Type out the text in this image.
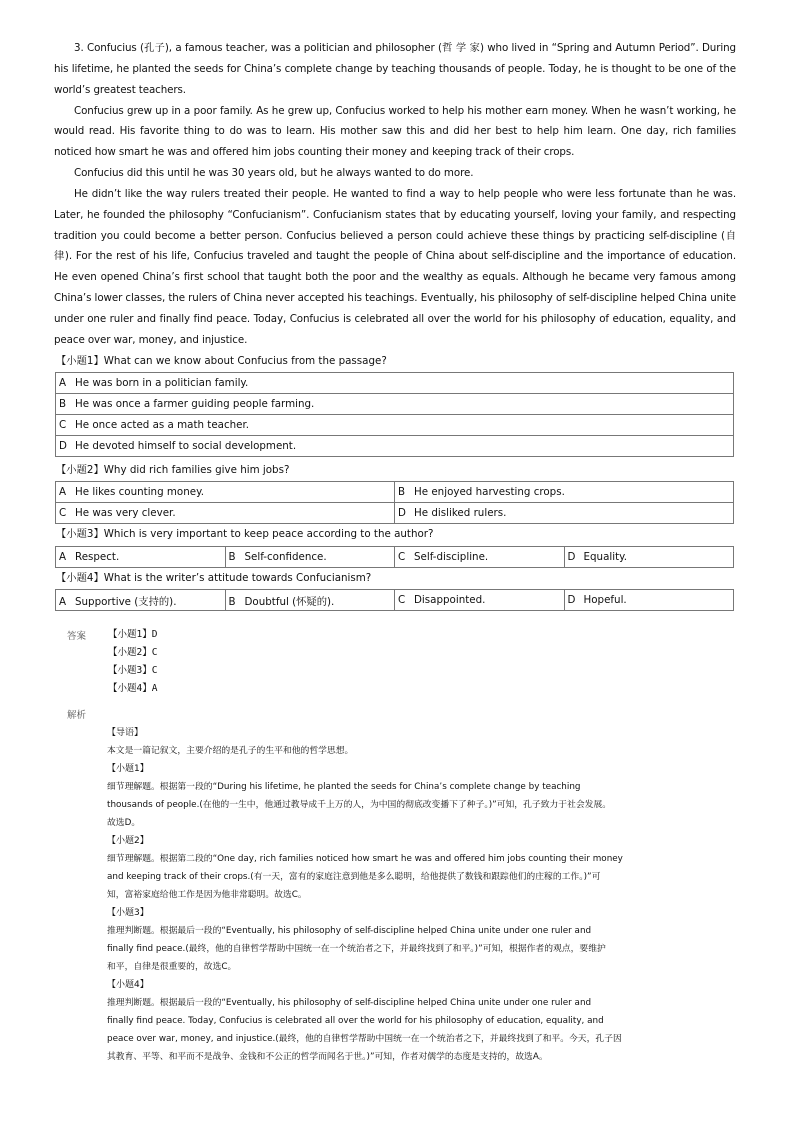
3. Confucius (孔子), a famous teacher, was a politician and philosopher (哲 学 家) who lived in “Spring and Autumn Period”. During his lifetime, he planted the seeds for China’s complete change by teaching thousands of people. Today, he is thought to be one of the world’s greatest teachers.

Confucius grew up in a poor family. As he grew up, Confucius worked to help his mother earn money. When he wasn’t working, he would read. His favorite thing to do was to learn. His mother saw this and did her best to help him learn. One day, rich families noticed how smart he was and offered him jobs counting their money and keeping track of their crops.

Confucius did this until he was 30 years old, but he always wanted to do more.

He didn’t like the way rulers treated their people. He wanted to find a way to help people who were less fortunate than he was. Later, he founded the philosophy “Confucianism”. Confucianism states that by educating yourself, loving your family, and respecting tradition you could become a better person. Confucius believed a person could achieve these things by practicing self-discipline (自 律). For the rest of his life, Confucius traveled and taught the people of China about self-discipline and the importance of education. He even opened China’s first school that taught both the poor and the wealthy as equals. Although he became very famous among China’s lower classes, the rulers of China never accepted his teachings. Eventually, his philosophy of self-discipline helped China unite under one ruler and finally find peace. Today, Confucius is celebrated all over the world for his philosophy of education, equality, and peace over war, money, and injustice.

【小题1】What can we know about Confucius from the passage?
A He was born in a politician family.
B He was once a farmer guiding people farming.
C He once acted as a math teacher.
D He devoted himself to social development.
【小题2】Why did rich families give him jobs?
A He likes counting money.	B He enjoyed harvesting crops.
C He was very clever.	D He disliked rulers.
【小题3】Which is very important to keep peace according to the author?
A Respect.	B Self-confidence.	C Self-discipline.	D Equality.
【小题4】What is the writer’s attitude towards Confucianism?
A Supportive (支持的).	B Doubtful (怀疑的).	C Disappointed.	D Hopeful.
答案 【小题1】D
【小题2】C
【小题3】C
【小题4】A
解析
【导语】
本文是一篇记叙文，主要介绍的是孔子的生平和他的哲学思想。
【小题1】
细节理解题。根据第一段的“During his lifetime, he planted the seeds for China’s complete change by teaching
thousands of people.(在他的一生中，他通过教导成千上万的人，为中国的彻底改变播下了种子。)”可知，孔子致力于社会发展。
故选D。
【小题2】
细节理解题。根据第二段的“One day, rich families noticed how smart he was and offered him jobs counting their money
and keeping track of their crops.(有一天，富有的家庭注意到他是多么聪明，给他提供了数钱和跟踪他们的庄稼的工作。)”可
知，富裕家庭给他工作是因为他非常聪明。故选C。
【小题3】
推理判断题。根据最后一段的“Eventually, his philosophy of self-discipline helped China unite under one ruler and
finally find peace.(最终，他的自律哲学帮助中国统一在一个统治者之下，并最终找到了和平。)”可知，根据作者的观点，要维护
和平，自律是很重要的，故选C。
【小题4】
推理判断题。根据最后一段的“Eventually, his philosophy of self-discipline helped China unite under one ruler and
finally find peace. Today, Confucius is celebrated all over the world for his philosophy of education, equality, and
peace over war, money, and injustice.(最终，他的自律哲学帮助中国统一在一个统治者之下，并最终找到了和平。今天，孔子因
其教育、平等、和平而不是战争、金钱和不公正的哲学而闻名于世。)”可知，作者对儒学的态度是支持的，故选A。
